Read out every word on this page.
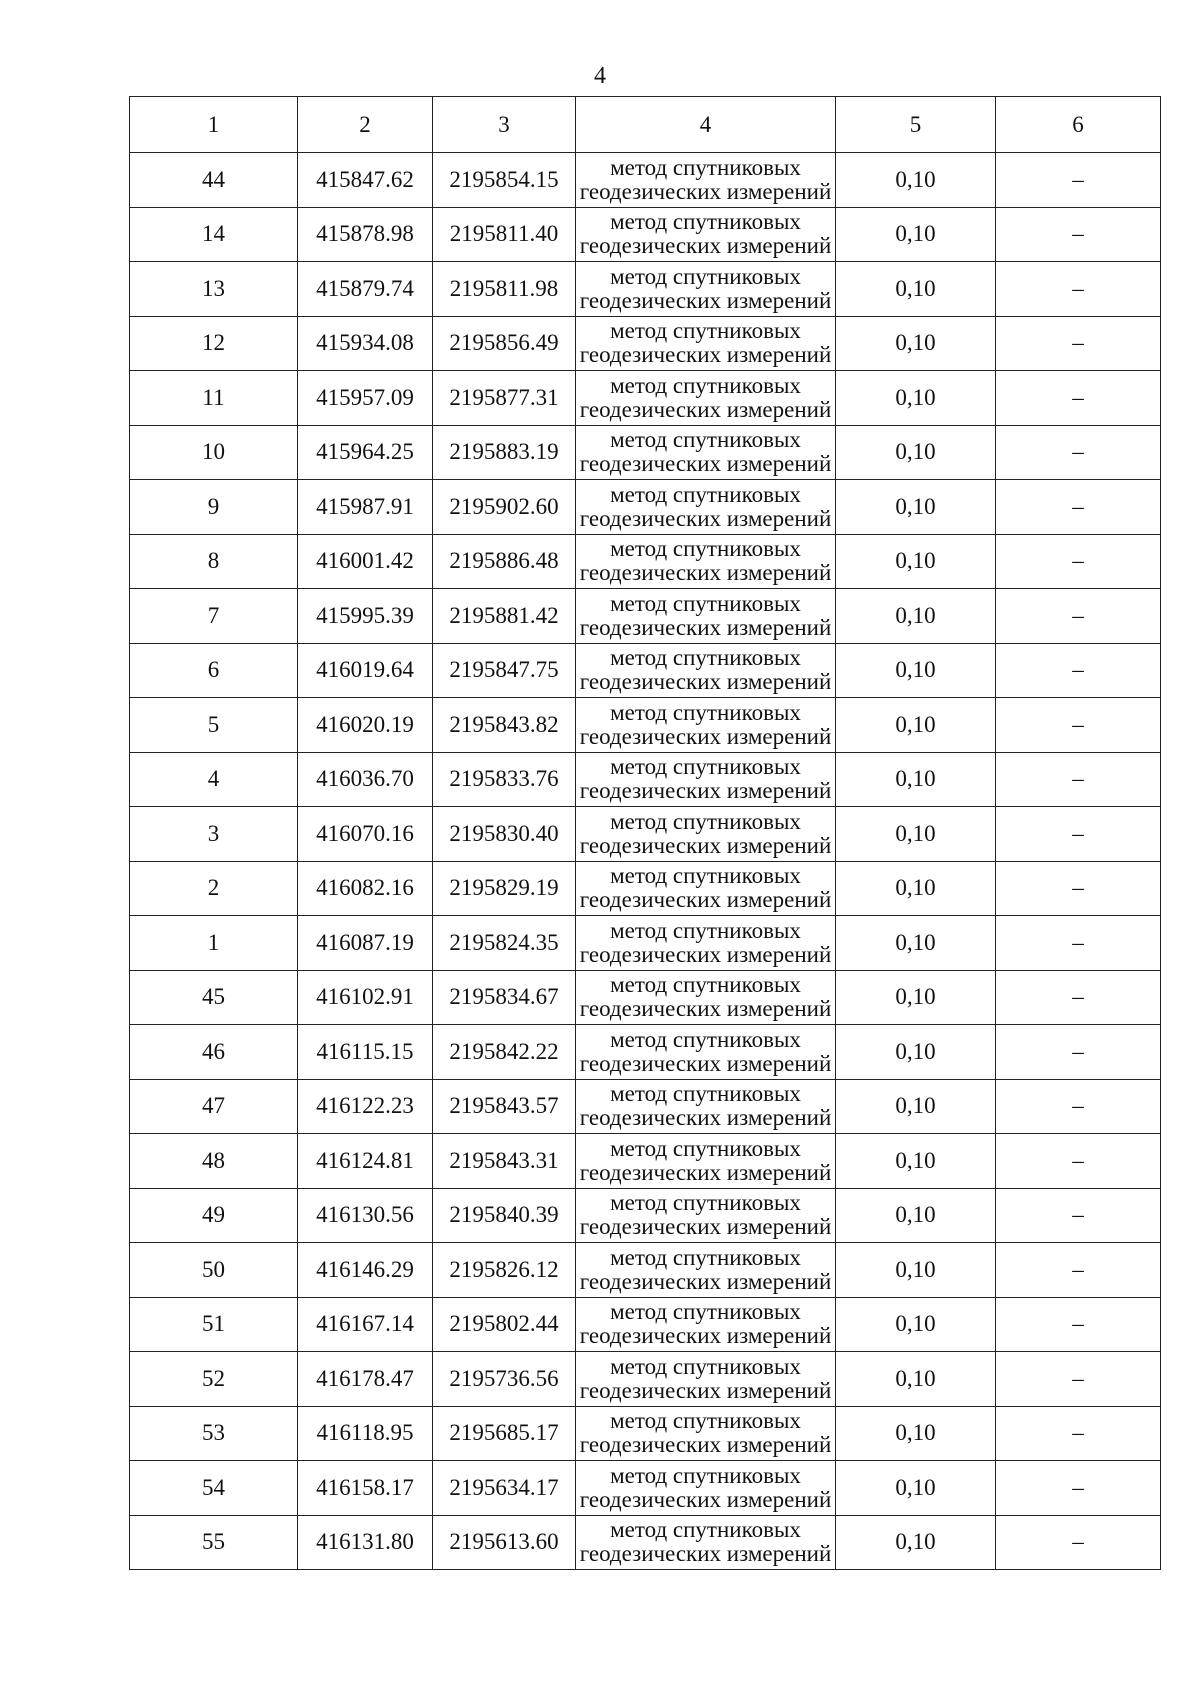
4
1	2	3	4	5	6
44	415847.62	2195854.15	метод спутниковых
геодезических измерений	0,10	–
14	415878.98	2195811.40	метод спутниковых
геодезических измерений	0,10	–
13	415879.74	2195811.98	метод спутниковых
геодезических измерений	0,10	–
12	415934.08	2195856.49	метод спутниковых
геодезических измерений	0,10	–
11	415957.09	2195877.31	метод спутниковых
геодезических измерений	0,10	–
10	415964.25	2195883.19	метод спутниковых
геодезических измерений	0,10	–
9	415987.91	2195902.60	метод спутниковых
геодезических измерений	0,10	–
8	416001.42	2195886.48	метод спутниковых
геодезических измерений	0,10	–
7	415995.39	2195881.42	метод спутниковых
геодезических измерений	0,10	–
6	416019.64	2195847.75	метод спутниковых
геодезических измерений	0,10	–
5	416020.19	2195843.82	метод спутниковых
геодезических измерений	0,10	–
4	416036.70	2195833.76	метод спутниковых
геодезических измерений	0,10	–
3	416070.16	2195830.40	метод спутниковых
геодезических измерений	0,10	–
2	416082.16	2195829.19	метод спутниковых
геодезических измерений	0,10	–
1	416087.19	2195824.35	метод спутниковых
геодезических измерений	0,10	–
45	416102.91	2195834.67	метод спутниковых
геодезических измерений	0,10	–
46	416115.15	2195842.22	метод спутниковых
геодезических измерений	0,10	–
47	416122.23	2195843.57	метод спутниковых
геодезических измерений	0,10	–
48	416124.81	2195843.31	метод спутниковых
геодезических измерений	0,10	–
49	416130.56	2195840.39	метод спутниковых
геодезических измерений	0,10	–
50	416146.29	2195826.12	метод спутниковых
геодезических измерений	0,10	–
51	416167.14	2195802.44	метод спутниковых
геодезических измерений	0,10	–
52	416178.47	2195736.56	метод спутниковых
геодезических измерений	0,10	–
53	416118.95	2195685.17	метод спутниковых
геодезических измерений	0,10	–
54	416158.17	2195634.17	метод спутниковых
геодезических измерений	0,10	–
55	416131.80	2195613.60	метод спутниковых
геодезических измерений	0,10	–
